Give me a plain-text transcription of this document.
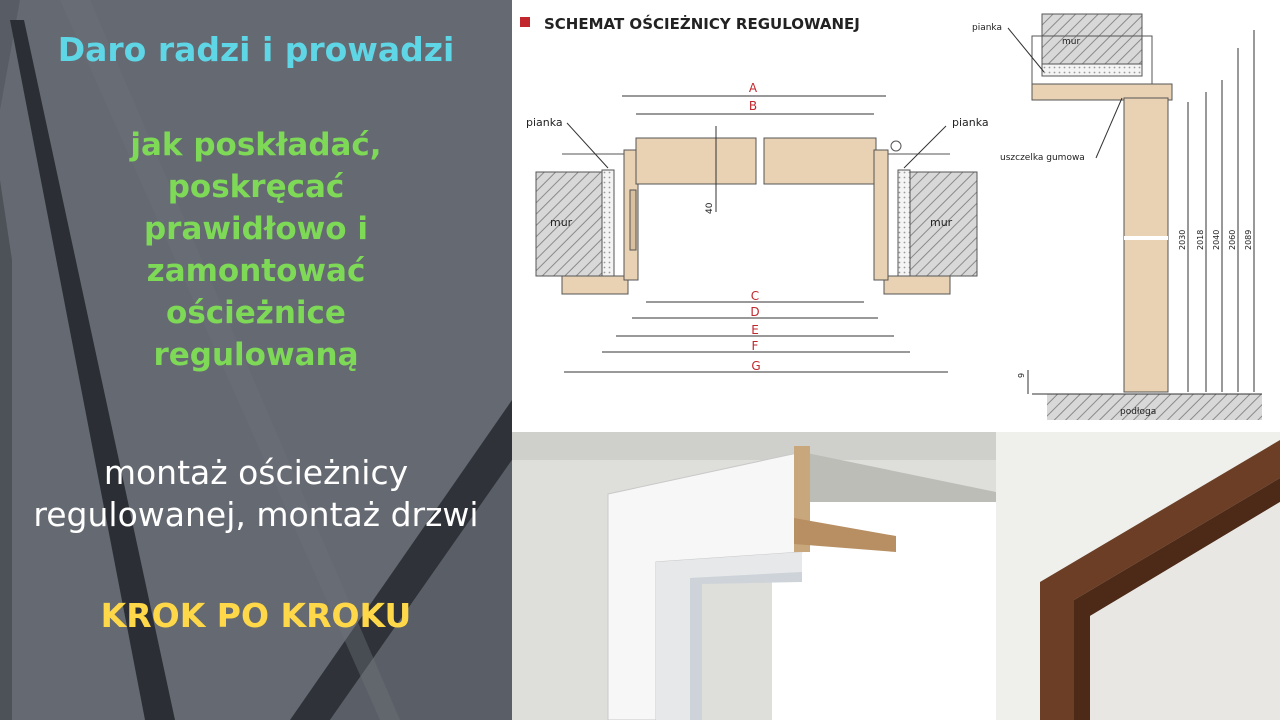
Daro radzi i prowadzi
jak poskładać,
poskręcać
prawidłowo i
zamontować
ościeżnice
regulowaną
montaż ościeżnicy
regulowanej, montaż drzwi
KROK PO KROKU
SCHEMAT OŚCIEŻNICY REGULOWANEJ
mur
pianka
mur
pianka
40
A
B
C
D
E
F
G
mur
pianka
uszczelka gumowa
podłoga
9
2030 2018 2040 2060 2089
